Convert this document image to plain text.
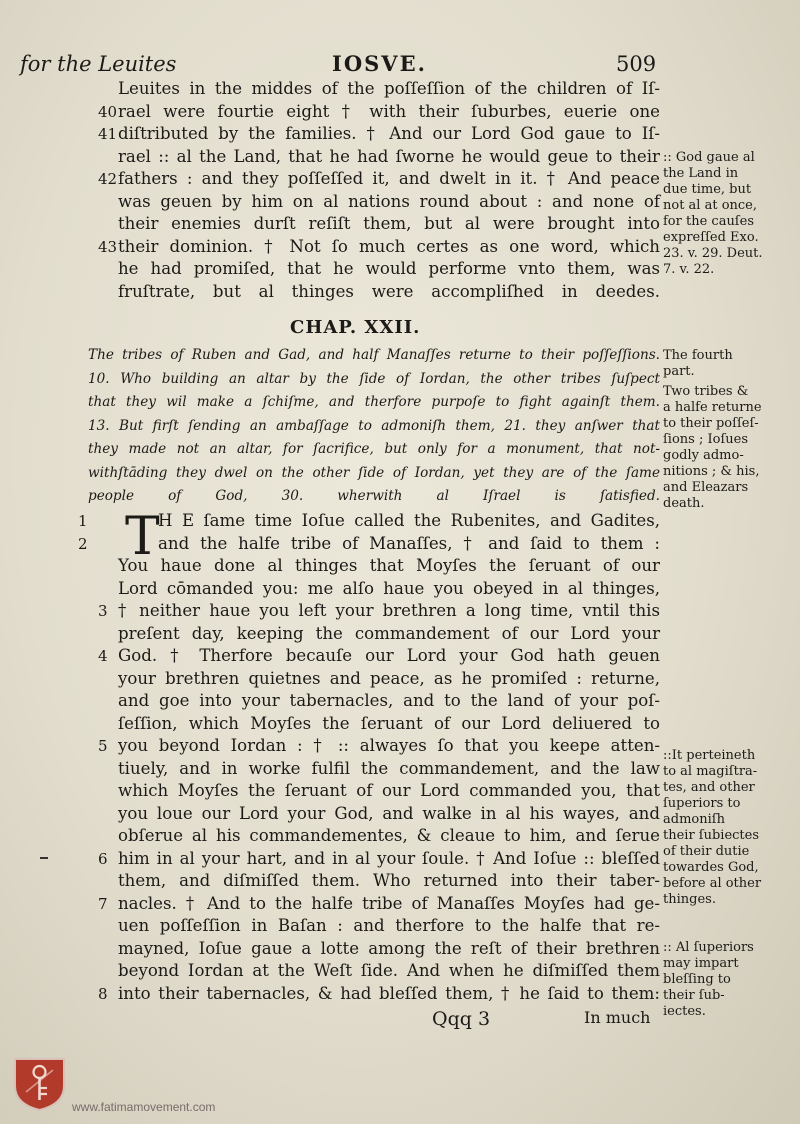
for the Leuites	IOSVE.	509
Leuites in the middes of the poſſeſſion of the children of Iſ-
40 rael were fourtie eight † with their ſuburbes, euerie one
41 diſtributed by the families. † And our Lord God gaue to Iſ-
rael :: al the Land, that he had ſworne he would geue to their
42 fathers : and they poſſeſſed it, and dwelt in it. † And peace
was geuen by him on al nations round about : and none of
their enemies durſt reſiſt them, but al were brought into
43 their dominion. † Not ſo much certes as one word, which
he had promiſed, that he would performe vnto them, was
fruſtrate, but al thinges were accompliſhed in deedes.
CHAP. XXII.
The tribes of Ruben and Gad, and half Manaſſes returne to their poſſeſſions.
10. Who building an altar by the ſide of Iordan, the other tribes ſuſpect
that they wil make a ſchiſme, and therfore purpoſe to fight againſt them.
13. But firſt ſending an ambaſſage to admoniſh them, 21. they anſwer that
they made not an altar, for ſacrifice, but only for a monument, that not-
withſtāding they dwel on the other ſide of Iordan, yet they are of the ſame
people of God, 30. wherwith al Iſrael is ſatisfied.
T
1	H E ſame time Ioſue called the Rubenites, and Gadites,
2	and the halfe tribe of Manaſſes, † and ſaid to them :
You haue done al thinges that Moyſes the ſeruant of our
Lord cōmanded you: me alſo haue you obeyed in al thinges,
3 † neither haue you left your brethren a long time, vntil this
preſent day, keeping the commandement of our Lord your
4 God. † Therfore becauſe our Lord your God hath geuen
your brethren quietnes and peace, as he promiſed : returne,
and goe into your tabernacles, and to the land of your poſ-
ſeſſion, which Moyſes the ſeruant of our Lord deliuered to
5 you beyond Iordan : † :: alwayes ſo that you keepe atten-
tiuely, and in worke fulfil the commandement, and the law
which Moyſes the ſeruant of our Lord commanded you, that
you loue our Lord your God, and walke in al his wayes, and
obſerue al his commandementes, & cleaue to him, and ſerue
6 him in al your hart, and in al your ſoule. † And Ioſue :: bleſſed
them, and diſmiſſed them. Who returned into their taber-
7 nacles. † And to the halfe tribe of Manaſſes Moyſes had ge-
uen poſſeſſion in Baſan : and therfore to the halfe that re-
mayned, Ioſue gaue a lotte among the reſt of their brethren
beyond Iordan at the Weſt ſide. And when he diſmiſſed them
8 into their tabernacles, & had bleſſed them, † he ſaid to them:
:: God gaue al
the Land in
due time, but
not al at once,
for the cauſes
expreſſed Exo.
23. v. 29. Deut.
7. v. 22.
The fourth
part.
Two tribes &
a halfe returne
to their poſſeſ-
ſions ; Ioſues
godly admo-
nitions ; & his,
and Eleazars
death.
::It perteineth
to al magiſtra-
tes, and other
ſuperiors to
admoniſh
their ſubiectes
of their dutie
towardes God,
before al other
thinges.
:: Al ſuperiors
may impart
bleſſing to
their ſub-
iectes.
Qqq 3	In much
www.fatimamovement.com
